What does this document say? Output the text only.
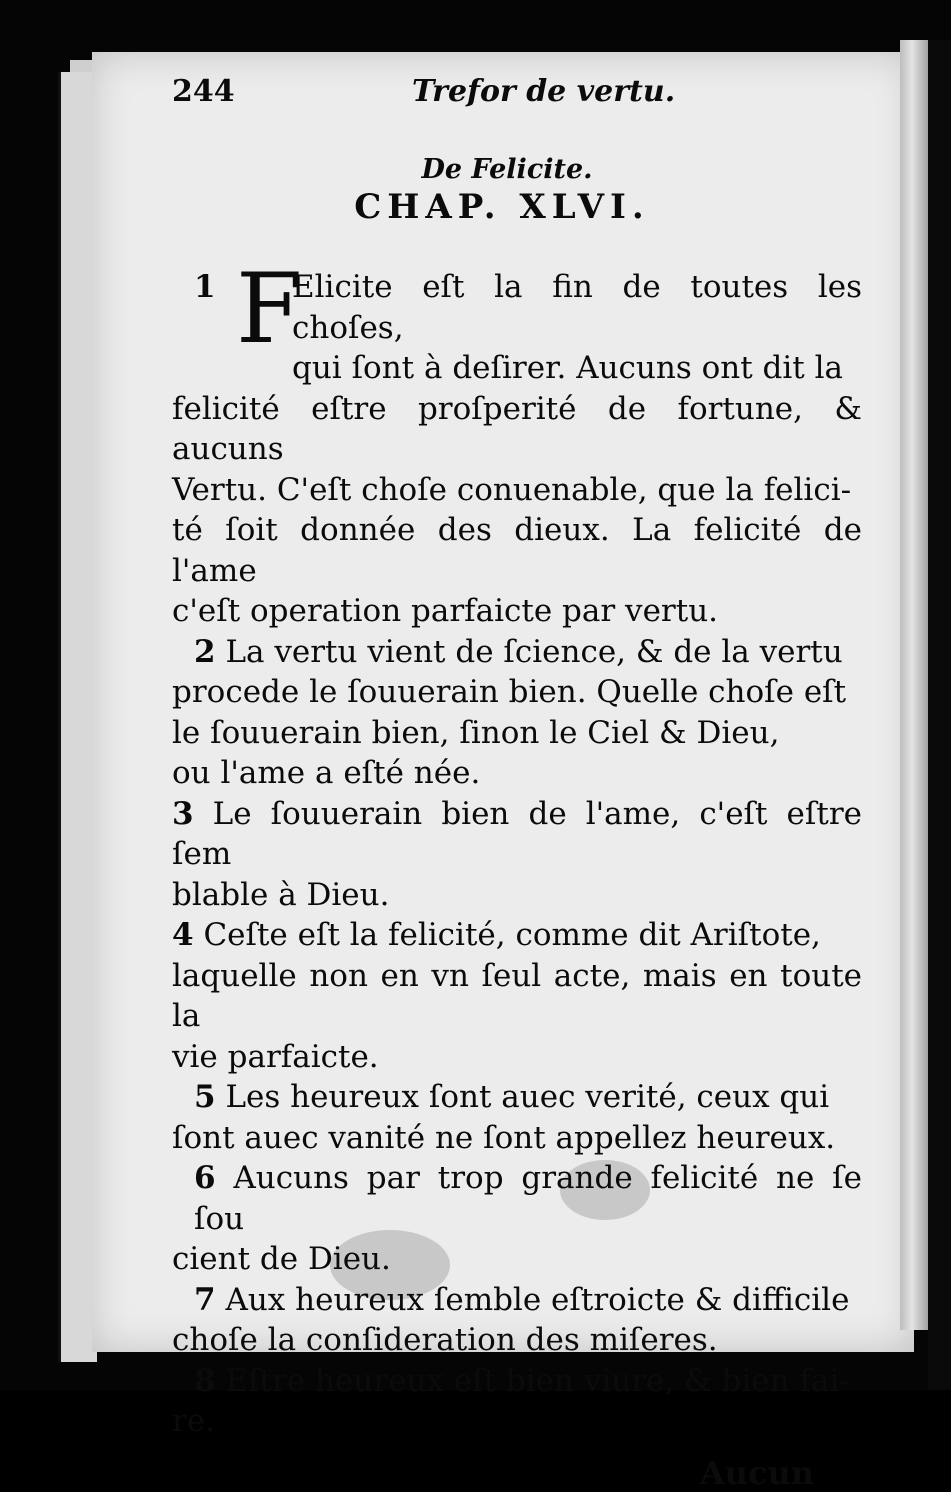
244	Trefor de vertu.
De Felicite.
CHAP. XLVI.
1 F
Elicite eſt la fin de toutes les choſes,
qui ſont à deſirer. Aucuns ont dit la
felicité eſtre proſperité de fortune, & aucuns
Vertu. C'eſt choſe conuenable, que la felici-
té ſoit donnée des dieux. La felicité de l'ame
c'eſt operation parfaicte par vertu.
2 La vertu vient de ſcience, & de la vertu
procede le ſouuerain bien. Quelle choſe eſt
le ſouuerain bien, ſinon le Ciel & Dieu,
ou l'ame a eſté née.
3 Le ſouuerain bien de l'ame, c'eſt eſtre ſem
blable à Dieu.
4 Ceſte eſt la felicité, comme dit Ariſtote,
laquelle non en vn ſeul acte, mais en toute la
vie parfaicte.
5 Les heureux ſont auec verité, ceux qui
ſont auec vanité ne ſont appellez heureux.
6 Aucuns par trop grande felicité ne ſe ſou
cient de Dieu.
7 Aux heureux ſemble eſtroicte & difficile
choſe la conſideration des miſeres.
8 Eſtre heureux eſt bien viure, & bien fai-
re.
Aucun
